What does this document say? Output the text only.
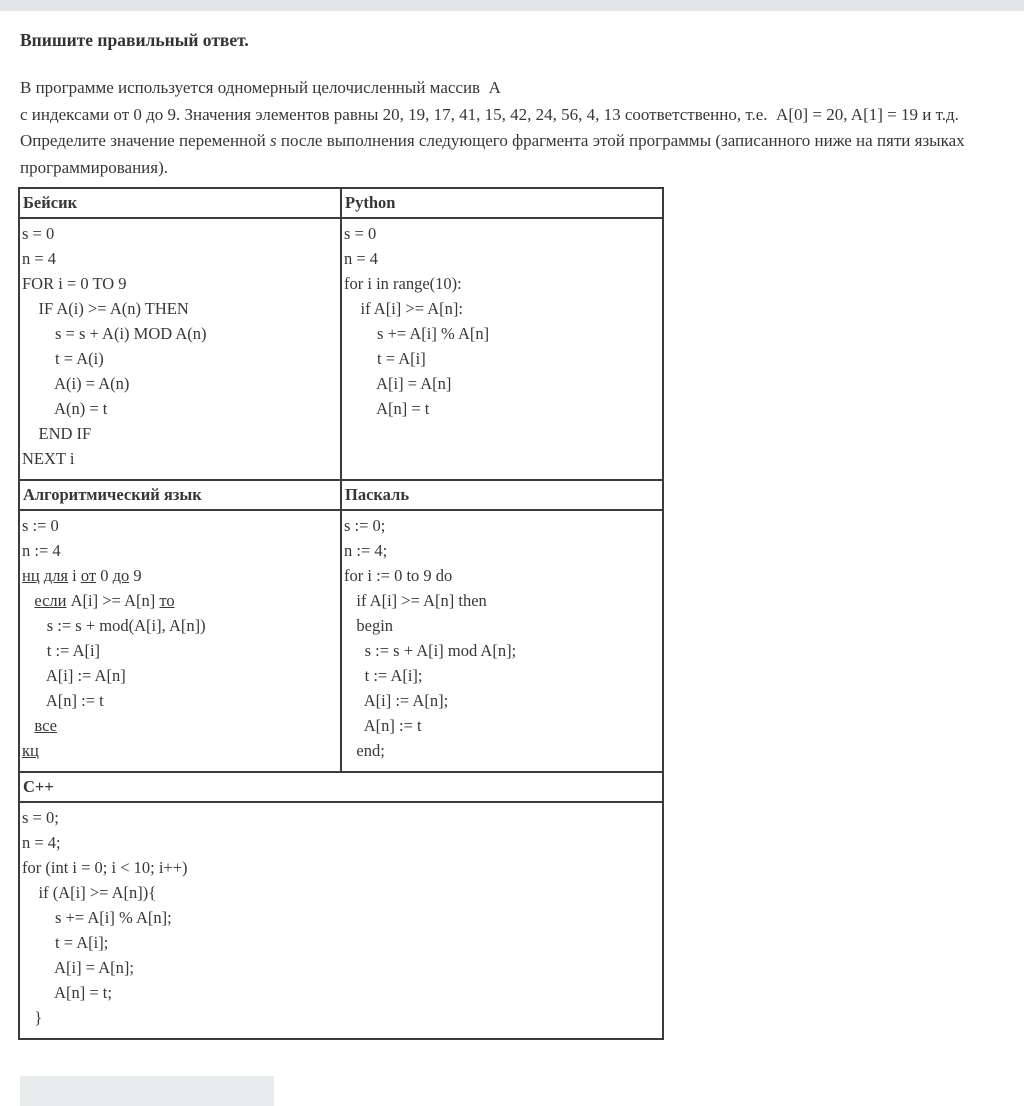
Впишите правильный ответ.
В программе используется одномерный целочисленный массив  А
с индексами от 0 до 9. Значения элементов равны 20, 19, 17, 41, 15, 42, 24, 56, 4, 13 соответственно, т.е.  A[0] = 20, A[1] = 19 и т.д. Определите значение переменной s после выполнения следующего фрагмента этой программы (записанного ниже на пяти языках программирования).
Бейсик	Python

s = 0
n = 4
FOR i = 0 TO 9
IF A(i) >= A(n) THEN
s = s + A(i) MOD A(n)
t = A(i)
A(i) = A(n)
A(n) = t
END IF
NEXT i

s = 0
n = 4
for i in range(10):
if A[i] >= A[n]:
s += A[i] % A[n]
t = A[i]
A[i] = A[n]
A[n] = t

Алгоритмический язык	Паскаль

s := 0
n := 4
нц для i от 0 до 9
если A[i] >= A[n] то
s := s + mod(A[i], A[n])
t := A[i]
A[i] := A[n]
A[n] := t
все
кц

s := 0;
n := 4;
for i := 0 to 9 do
if A[i] >= A[n] then
begin
s := s + A[i] mod A[n];
t := A[i];
A[i] := A[n];
A[n] := t
end;

C++	

s = 0;
n = 4;
for (int i = 0; i < 10; i++)
if (A[i] >= A[n]){
s += A[i] % A[n];
t = A[i];
A[i] = A[n];
A[n] = t;
}
